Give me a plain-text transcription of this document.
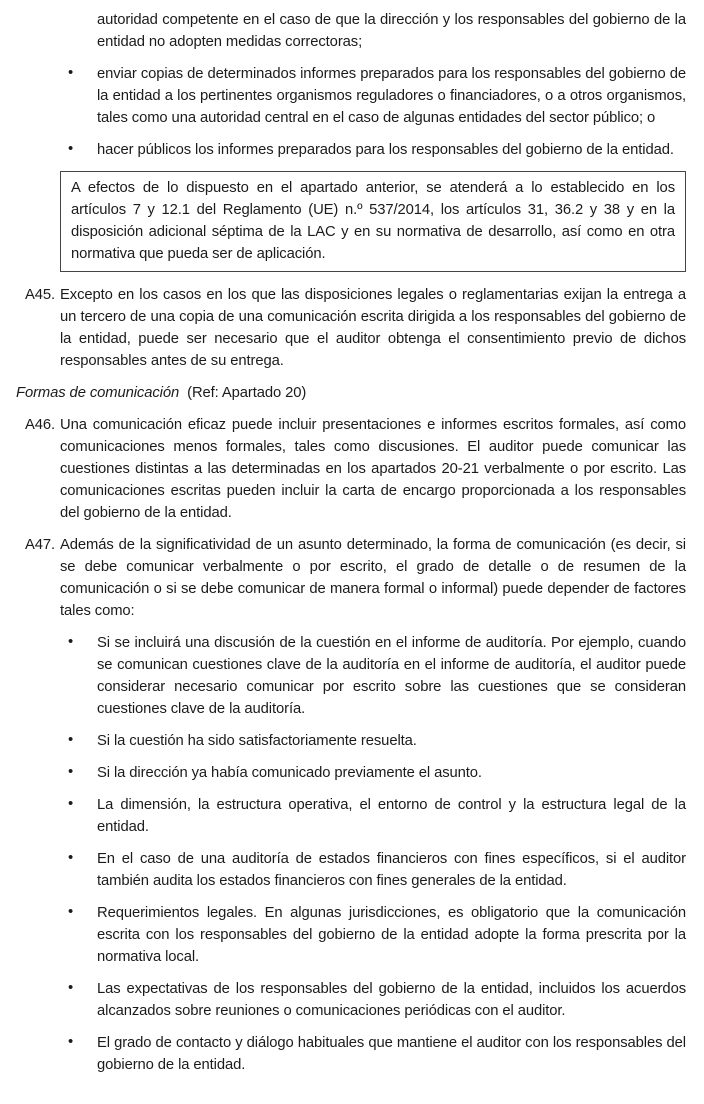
autoridad competente en el caso de que la dirección y los responsables del gobierno de la entidad no adopten medidas correctoras;
• enviar copias de determinados informes preparados para los responsables del gobierno de la entidad a los pertinentes organismos reguladores o financiadores, o a otros organismos, tales como una autoridad central en el caso de algunas entidades del sector público; o
• hacer públicos los informes preparados para los responsables del gobierno de la entidad.
A efectos de lo dispuesto en el apartado anterior, se atenderá a lo establecido en los artículos 7 y 12.1 del Reglamento (UE) n.º 537/2014, los artículos 31, 36.2 y 38 y en la disposición adicional séptima de la LAC y en su normativa de desarrollo, así como en otra normativa que pueda ser de aplicación.
A45. Excepto en los casos en los que las disposiciones legales o reglamentarias exijan la entrega a un tercero de una copia de una comunicación escrita dirigida a los responsables del gobierno de la entidad, puede ser necesario que el auditor obtenga el consentimiento previo de dichos responsables antes de su entrega.
Formas de comunicación (Ref: Apartado 20)
A46. Una comunicación eficaz puede incluir presentaciones e informes escritos formales, así como comunicaciones menos formales, tales como discusiones. El auditor puede comunicar las cuestiones distintas a las determinadas en los apartados 20-21 verbalmente o por escrito. Las comunicaciones escritas pueden incluir la carta de encargo proporcionada a los responsables del gobierno de la entidad.
A47. Además de la significatividad de un asunto determinado, la forma de comunicación (es decir, si se debe comunicar verbalmente o por escrito, el grado de detalle o de resumen de la comunicación o si se debe comunicar de manera formal o informal) puede depender de factores tales como:
• Si se incluirá una discusión de la cuestión en el informe de auditoría. Por ejemplo, cuando se comunican cuestiones clave de la auditoría en el informe de auditoría, el auditor puede considerar necesario comunicar por escrito sobre las cuestiones que se consideran cuestiones clave de la auditoría.
• Si la cuestión ha sido satisfactoriamente resuelta.
• Si la dirección ya había comunicado previamente el asunto.
• La dimensión, la estructura operativa, el entorno de control y la estructura legal de la entidad.
• En el caso de una auditoría de estados financieros con fines específicos, si el auditor también audita los estados financieros con fines generales de la entidad.
• Requerimientos legales. En algunas jurisdicciones, es obligatorio que la comunicación escrita con los responsables del gobierno de la entidad adopte la forma prescrita por la normativa local.
• Las expectativas de los responsables del gobierno de la entidad, incluidos los acuerdos alcanzados sobre reuniones o comunicaciones periódicas con el auditor.
• El grado de contacto y diálogo habituales que mantiene el auditor con los responsables del gobierno de la entidad.
